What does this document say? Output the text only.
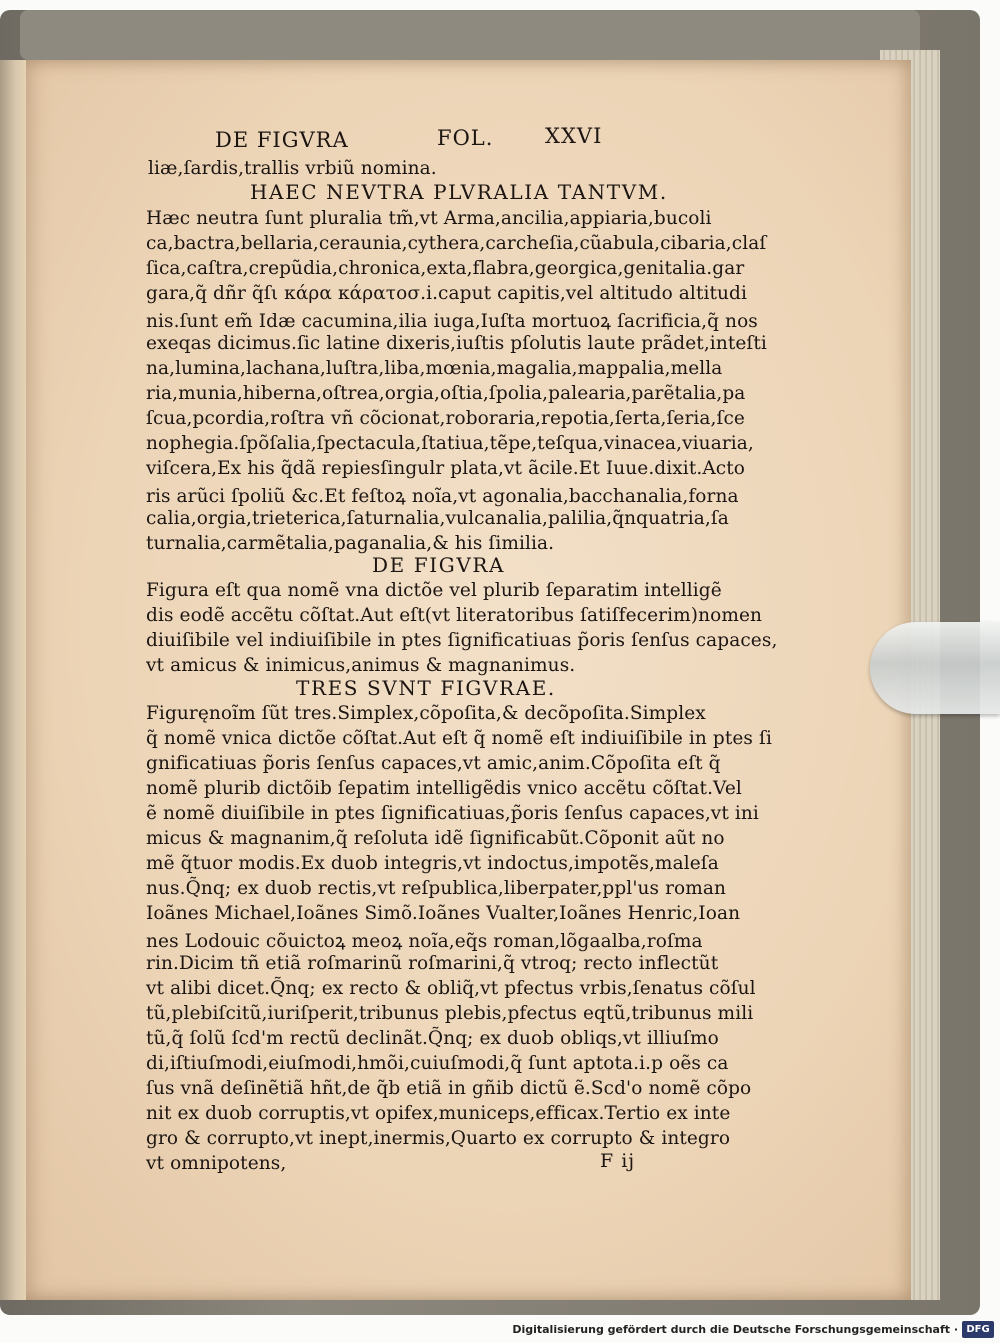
DE FIGVRA	FOL. XXVI
liæ,ſardis,trallis vrbiũ nomina.
HAEC NEVTRA PLVRALIA TANTVM.
Hæc neutra ſunt pluralia tm̃,vt Arma,ancilia,appiaria,bucoli
ca,bactra,bellaria,ceraunia,cythera,carcheſia,cũabula,cibaria,claſ
ſica,caſtra,crepũdia,chronica,exta,flabra,georgica,genitalia.gar
gara,q̃ dñr q̃ſι κάρα κάρατοσ.i.caput capitis,vel altitudo altitudi
nis.ſunt em̃ Idæ cacumina,ilia iuga,Iuſta mortuoꝝ ſacrificia,q̃ nos
exeqas dicimus.ſic latine dixeris,iuſtis pſolutis laute prãdet,inteſti
na,lumina,lachana,luſtra,liba,mœnia,magalia,mappalia,mella
ria,munia,hiberna,oſtrea,orgia,oſtia,ſpolia,palearia,parẽtalia,pa
ſcua,pcordia,roſtra vñ cõcionat,roboraria,repotia,ſerta,ſeria,ſce
nophegia.ſpõſalia,ſpectacula,ſtatiua,tẽpe,teſqua,vinacea,viuaria,
viſcera,Ex his q̃dã repiesſingulr plata,vt ãcile.Et Iuue.dixit.Acto
ris arũci ſpoliũ &c.Et feſtoꝝ noĩa,vt agonalia,bacchanalia,forna
calia,orgia,trieterica,ſaturnalia,vulcanalia,palilia,q̃nquatria,ſa
turnalia,carmẽtalia,paganalia,& his ſimilia.
DE FIGVRA
Figura eſt qua nomẽ vna dictõe vel plurib ſeparatim intelligẽ
dis eodẽ accẽtu cõſtat.Aut eſt(vt literatoribus ſatiſfecerim)nomen
diuiſibile vel indiuiſibile in ptes ſignificatiuas p̃oris ſenſus capaces,
vt amicus & inimicus,animus & magnanimus.
TRES SVNT FIGVRAE.
Figuręnoĩm ſũt tres.Simplex,cõpoſita,& decõpoſita.Simplex
q̃ nomẽ vnica dictõe cõſtat.Aut eſt q̃ nomẽ eſt indiuiſibile in ptes ſi
gnificatiuas p̃oris ſenſus capaces,vt amic,anim.Cõpoſita eſt q̃
nomẽ plurib dictõib ſepatim intelligẽdis vnico accẽtu cõſtat.Vel
ẽ nomẽ diuiſibile in ptes ſignificatiuas,p̃oris ſenſus capaces,vt ini
micus & magnanim,q̃ reſoluta idẽ ſignificabũt.Cõponit aũt no
mẽ q̃tuor modis.Ex duob integris,vt indoctus,impotẽs,maleſa
nus.Q̃nq; ex duob rectis,vt reſpublica,liberpater,ppl'us roman
Ioãnes Michael,Ioãnes Simõ.Ioãnes Vualter,Ioãnes Henric,Ioan
nes Lodouic cõuictoꝝ meoꝝ noĩa,eq̃s roman,lõgaalba,roſma
rin.Dicim tñ etiã roſmarinũ roſmarini,q̃ vtroq; recto inflectũt
vt alibi dicet.Q̃nq; ex recto & obliq̃,vt pfectus vrbis,ſenatus cõſul
tũ,plebiſcitũ,iuriſperit,tribunus plebis,pfectus eqtũ,tribunus mili
tũ,q̃ ſolũ ſcd'm rectũ declinãt.Q̃nq; ex duob obliqs,vt illiuſmo
di,iſtiuſmodi,eiuſmodi,hmõi,cuiuſmodi,q̃ ſunt aptota.i.p oẽs ca
ſus vnã deſinẽtiã hñt,de q̃b etiã in gñib dictũ ẽ.Scd'o nomẽ cõpo
nit ex duob corruptis,vt opifex,municeps,efficax.Tertio ex inte
gro & corrupto,vt inept,inermis,Quarto ex corrupto & integro
vt omnipotens,	F ij
Digitalisierung gefördert durch die Deutsche Forschungsgemeinschaft · DFG
